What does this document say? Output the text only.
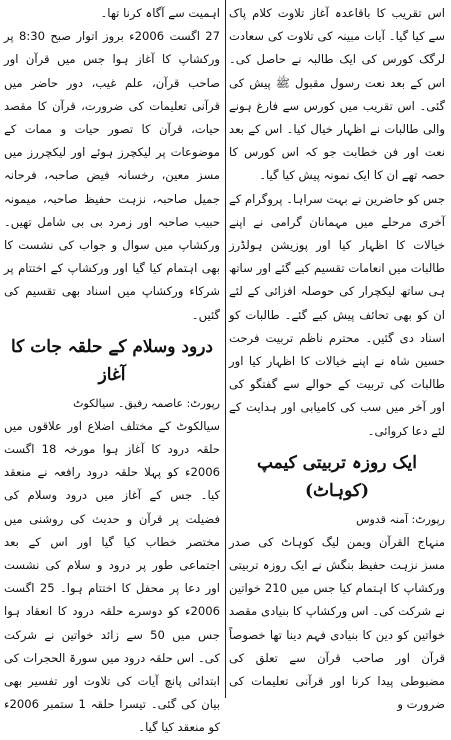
اس تقریب کا باقاعدہ آغاز تلاوت کلام پاک سے کیا گیا۔ آیات مبینہ کی تلاوت کی سعادت لرگک کورس کی ایک طالبہ نے حاصل کی۔ اس کے بعد نعت رسول مقبول ﷺ پیش کی گئی۔ اس تقریب میں کورس سے فارغ ہونے والی طالبات نے اظہار خیال کیا۔ اس کے بعد نعت اور فن خطابت جو کہ اس کورس کا حصہ تھے ان کا ایک نمونہ پیش کیا گیا۔

جس کو حاضرین نے بہت سراہا۔ پروگرام کے آخری مرحلے میں مہمانان گرامی نے اپنے خیالات کا اظہار کیا اور پوزیشن ہولڈرز طالبات میں انعامات تقسیم کیے گئے اور ساتھ ہی ساتھ لیکچرار کی حوصلہ افزائی کے لئے ان کو بھی تحائف پیش کیے گئے۔ طالبات کو اسناد دی گئیں۔ محترم ناظم تربیت فرحت حسین شاہ نے اپنے خیالات کا اظہار کیا اور طالبات کی تربیت کے حوالے سے گفتگو کی اور آخر میں سب کی کامیابی اور ہدایت کے لئے دعا کروائی۔

ایک روزہ تربیتی کیمپ (کوہاٹ)

رپورٹ: آمنہ قدوس

منہاج القرآن ویمن لیگ کوہاٹ کی صدر مسز نزہت حفیظ بنگش نے ایک روزہ تربیتی ورکشاپ کا اہتمام کیا جس میں 210 خواتین نے شرکت کی۔ اس ورکشاپ کا بنیادی مقصد خواتین کو دین کا بنیادی فہم دینا تھا خصوصاً قرآن اور صاحب قرآن سے تعلق کی مضبوطی پیدا کرنا اور قرآنی تعلیمات کی ضرورت و

اہمیت سے آگاہ کرنا تھا۔

27 اگست 2006ء بروز اتوار صبح 8:30 پر ورکشاپ کا آغاز ہوا جس میں قرآن اور صاحب قرآن، علم غیب، دور حاضر میں قرآنی تعلیمات کی ضرورت، قرآن کا مقصد حیات، قرآن کا تصور حیات و ممات کے موضوعات پر لیکچرز ہوئے اور لیکچررز میں مسز معین، رخسانہ فیض صاحبہ، فرحانہ جمیل صاحبہ، نزہت حفیظ صاحبہ، میمونہ حبیب صاحبہ اور زمرد بی بی شامل تھیں۔ ورکشاپ میں سوال و جواب کی نشست کا بھی اہتمام کیا گیا اور ورکشاپ کے اختتام پر شرکاء ورکشاپ میں اسناد بھی تقسیم کی گئیں۔

درود وسلام کے حلقہ جات کا آغاز

رپورٹ: عاصمہ رفیق۔ سیالکوٹ

سیالکوٹ کے مختلف اضلاع اور علاقوں میں حلقہ درود کا آغاز ہوا مورخہ 18 اگست 2006ء کو پہلا حلقہ درود رافعہ نے منعقد کیا۔ جس کے آغاز میں درود وسلام کی فضیلت پر قرآن و حدیث کی روشنی میں مختصر خطاب کیا گیا اور اس کے بعد اجتماعی طور پر درود و سلام کی نشست اور دعا پر محفل کا اختتام ہوا۔ 25 اگست 2006ء کو دوسرے حلقہ درود کا انعقاد ہوا جس میں 50 سے زائد خواتین نے شرکت کی۔ اس حلقہ درود میں سورۃ الحجرات کی ابتدائی پانچ آیات کی تلاوت اور تفسیر بھی بیان کی گئی۔ تیسرا حلقہ 1 ستمبر 2006ء کو منعقد کیا گیا۔
